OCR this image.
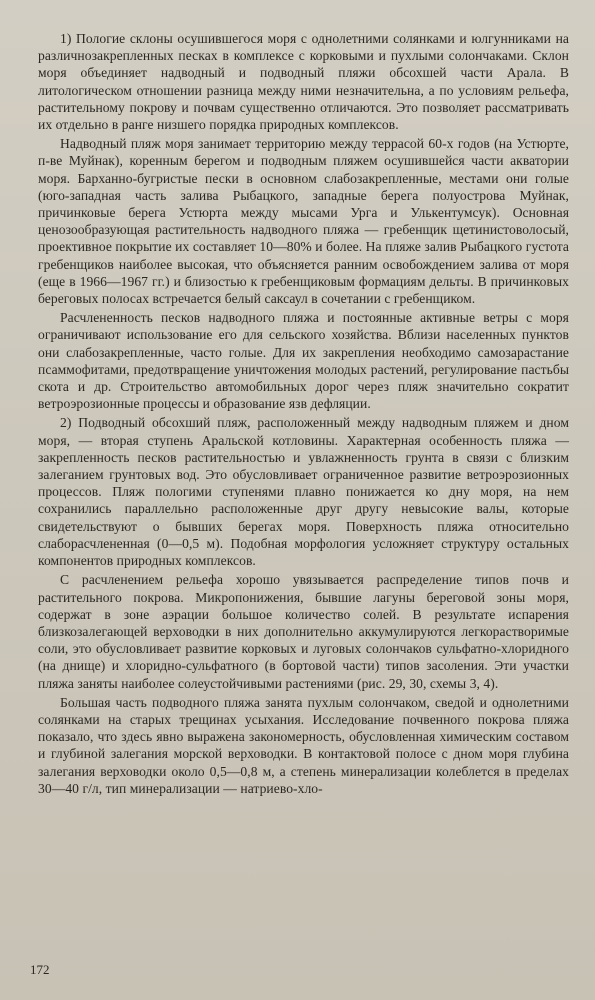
1) Пологие склоны осушившегося моря с однолетними солянками и юлгунниками на различнозакрепленных песках в комплексе с корковыми и пухлыми солончаками. Склон моря объединяет надводный и подводный пляжи обсохшей части Арала. В литологическом отношении разница между ними незначительна, а по условиям рельефа, растительному покрову и почвам существенно отличаются. Это позволяет рассматривать их отдельно в ранге низшего порядка природных комплексов.

Надводный пляж моря занимает территорию между террасой 60-х годов (на Устюрте, п-ве Муйнак), коренным берегом и подводным пляжем осушившейся части акватории моря. Барханно-бугристые пески в основном слабозакрепленные, местами они голые (юго-западная часть залива Рыбацкого, западные берега полуострова Муйнак, причинковые берега Устюрта между мысами Урга и Улькентумсук). Основная ценозообразующая растительность надводного пляжа — гребенщик щетинистоволосый, проективное покрытие их составляет 10—80% и более. На пляже залив Рыбацкого густота гребенщиков наиболее высокая, что объясняется ранним освобождением залива от моря (еще в 1966—1967 гг.) и близостью к гребенщиковым формациям дельты. В причинковых береговых полосах встречается белый саксаул в сочетании с гребенщиком.

Расчлененность песков надводного пляжа и постоянные активные ветры с моря ограничивают использование его для сельского хозяйства. Вблизи населенных пунктов они слабозакрепленные, часто голые. Для их закрепления необходимо самозарастание псаммофитами, предотвращение уничтожения молодых растений, регулирование пастьбы скота и др. Строительство автомобильных дорог через пляж значительно сократит ветроэрозионные процессы и образование язв дефляции.

2) Подводный обсохший пляж, расположенный между надводным пляжем и дном моря, — вторая ступень Аральской котловины. Характерная особенность пляжа — закрепленность песков растительностью и увлажненность грунта в связи с близким залеганием грунтовых вод. Это обусловливает ограниченное развитие ветроэрозионных процессов. Пляж пологими ступенями плавно понижается ко дну моря, на нем сохранились параллельно расположенные друг другу невысокие валы, которые свидетельствуют о бывших берегах моря. Поверхность пляжа относительно слаборасчлененная (0—0,5 м). Подобная морфология усложняет структуру остальных компонентов природных комплексов.

С расчленением рельефа хорошо увязывается распределение типов почв и растительного покрова. Микропонижения, бывшие лагуны береговой зоны моря, содержат в зоне аэрации большое количество солей. В результате испарения близкозалегающей верховодки в них дополнительно аккумулируются легкорастворимые соли, это обусловливает развитие корковых и луговых солончаков сульфатно-хлоридного (на днище) и хлоридно-сульфатного (в бортовой части) типов засоления. Эти участки пляжа заняты наиболее солеустойчивыми растениями (рис. 29, 30, схемы 3, 4).

Большая часть подводного пляжа занята пухлым солончаком, сведой и однолетними солянками на старых трещинах усыхания. Исследование почвенного покрова пляжа показало, что здесь явно выражена закономерность, обусловленная химическим составом и глубиной залегания морской верховодки. В контактовой полосе с дном моря глубина залегания верховодки около 0,5—0,8 м, а степень минерализации колеблется в пределах 30—40 г/л, тип минерализации — натриево-хло-

172
